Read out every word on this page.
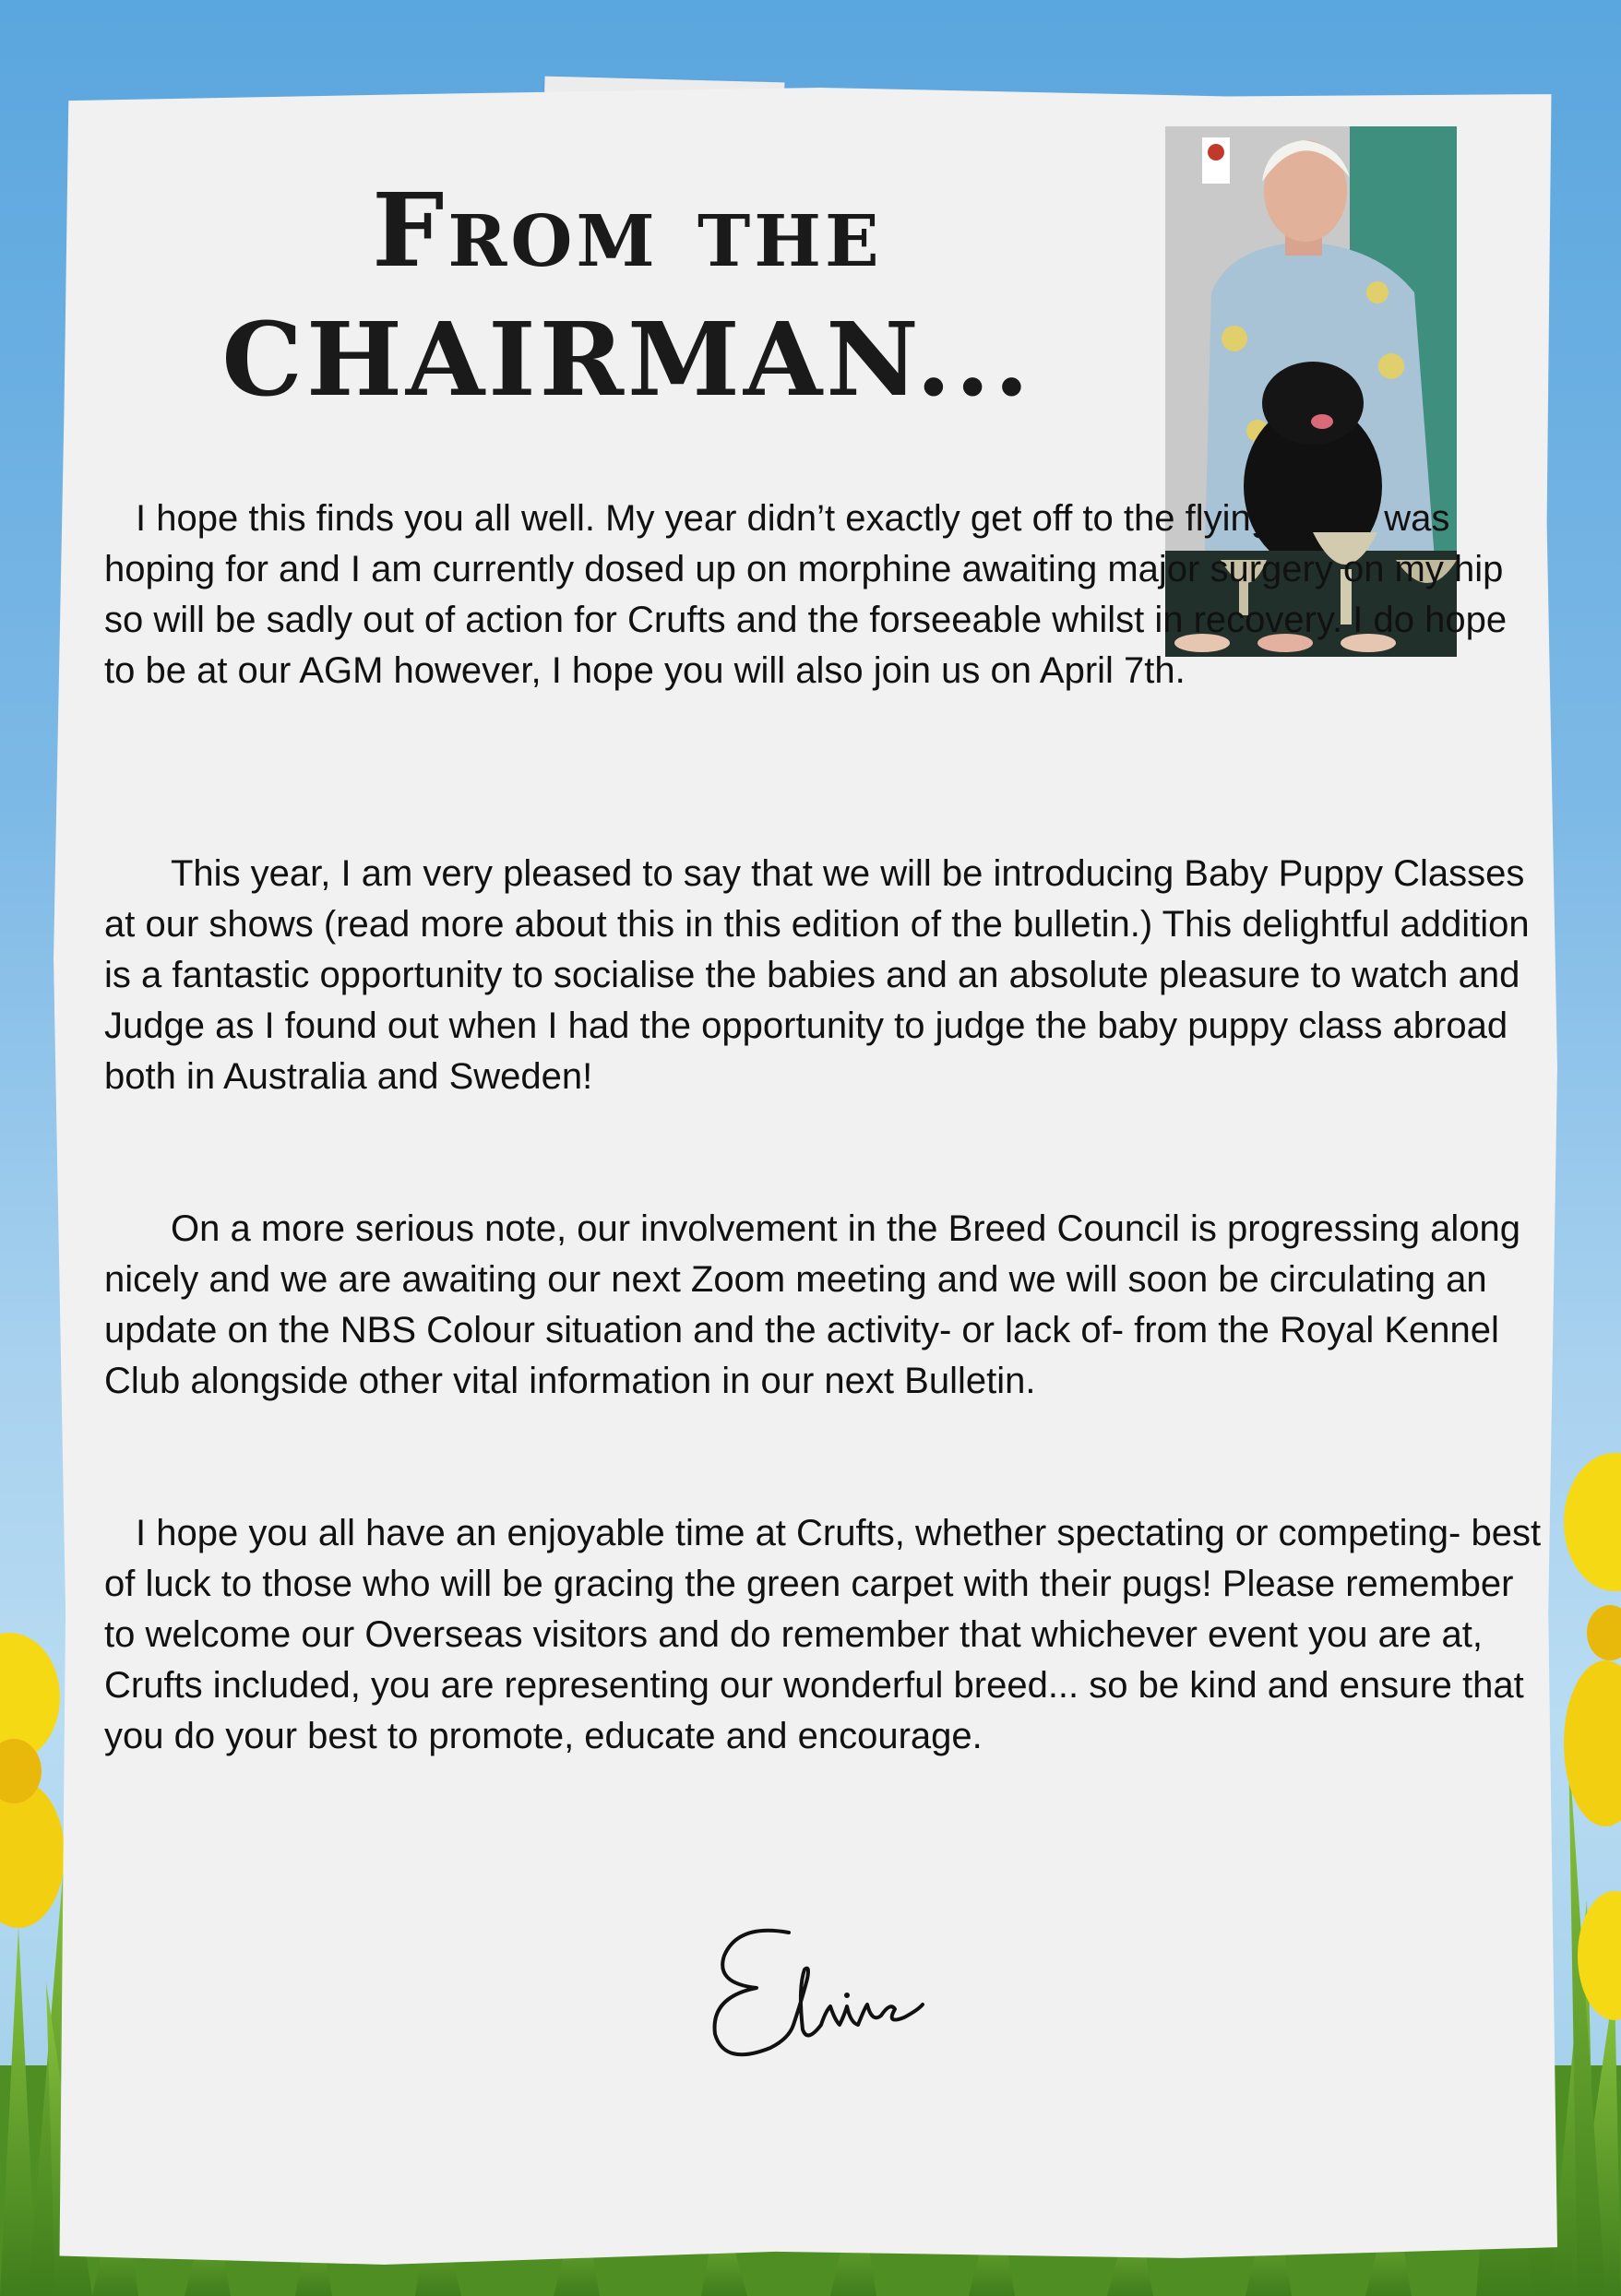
From the
CHAIRMAN...

I hope this finds you all well. My year didn’t exactly get off to the flying start I was hoping for and I am currently dosed up on morphine awaiting major surgery on my hip so will be sadly out of action for Crufts and the forseeable whilst in recovery. I do hope to be at our AGM however, I hope you will also join us on April 7th.

This year, I am very pleased to say that we will be introducing Baby Puppy Classes at our shows (read more about this in this edition of the bulletin.) This delightful addition is a fantastic opportunity to socialise the babies and an absolute pleasure to watch and Judge as I found out when I had the opportunity to judge the baby puppy class abroad both in Australia and Sweden!

On a more serious note, our involvement in the Breed Council is progressing along nicely and we are awaiting our next Zoom meeting and we will soon be circulating an update on the NBS Colour situation and the activity- or lack of- from the Royal Kennel Club alongside other vital information in our next Bulletin.

I hope you all have an enjoyable time at Crufts, whether spectating or competing- best of luck to those who will be gracing the green carpet with their pugs! Please remember to welcome our Overseas visitors and do remember that whichever event you are at, Crufts included, you are representing our wonderful breed... so be kind and ensure that you do your best to promote, educate and encourage.
